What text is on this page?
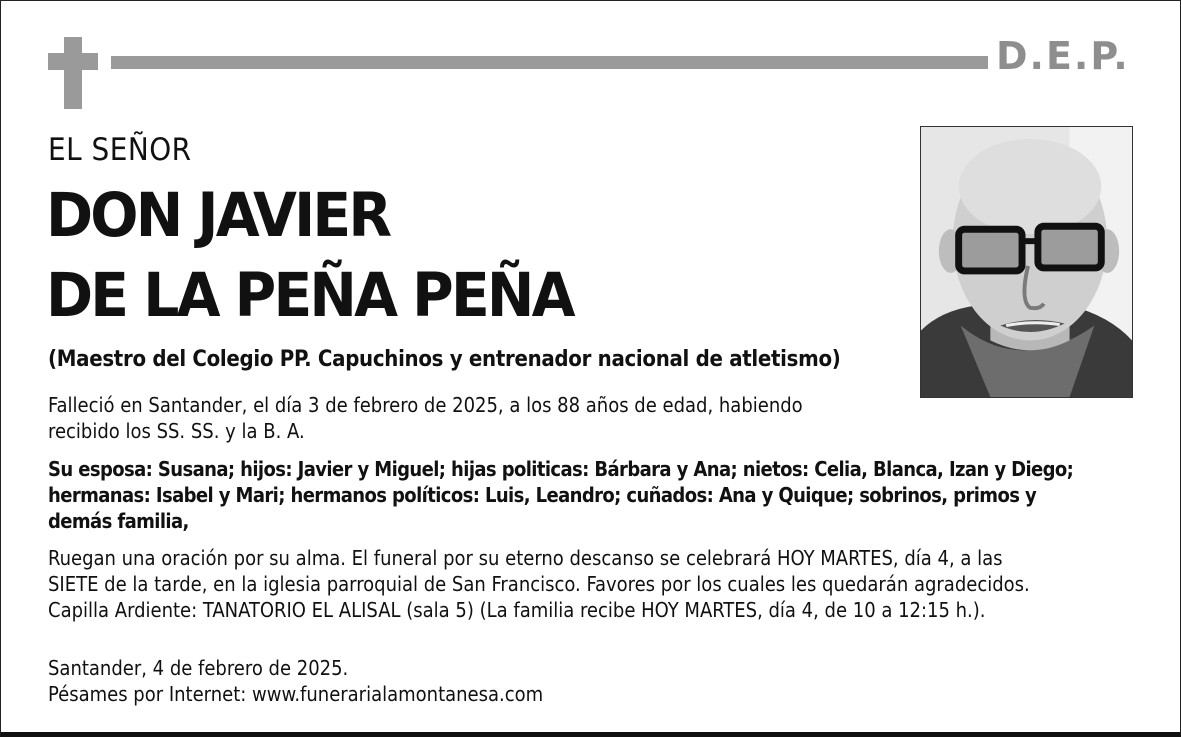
D.E.P.
EL SEÑOR
DON JAVIER
DE LA PEÑA PEÑA
(Maestro del Colegio PP. Capuchinos y entrenador nacional de atletismo)
Falleció en Santander, el día 3 de febrero de 2025, a los 88 años de edad, habiendo
recibido los SS. SS. y la B. A.
Su esposa: Susana; hijos: Javier y Miguel; hijas politicas: Bárbara y Ana; nietos: Celia, Blanca, Izan y Diego;
hermanas: Isabel y Mari; hermanos políticos: Luis, Leandro; cuñados: Ana y Quique; sobrinos, primos y
demás familia,
Ruegan una oración por su alma. El funeral por su eterno descanso se celebrará HOY MARTES, día 4, a las
SIETE de la tarde, en la iglesia parroquial de San Francisco. Favores por los cuales les quedarán agradecidos.
Capilla Ardiente: TANATORIO EL ALISAL (sala 5) (La familia recibe HOY MARTES, día 4, de 10 a 12:15 h.).
Santander, 4 de febrero de 2025.
Pésames por Internet: www.funerarialamontanesa.com
